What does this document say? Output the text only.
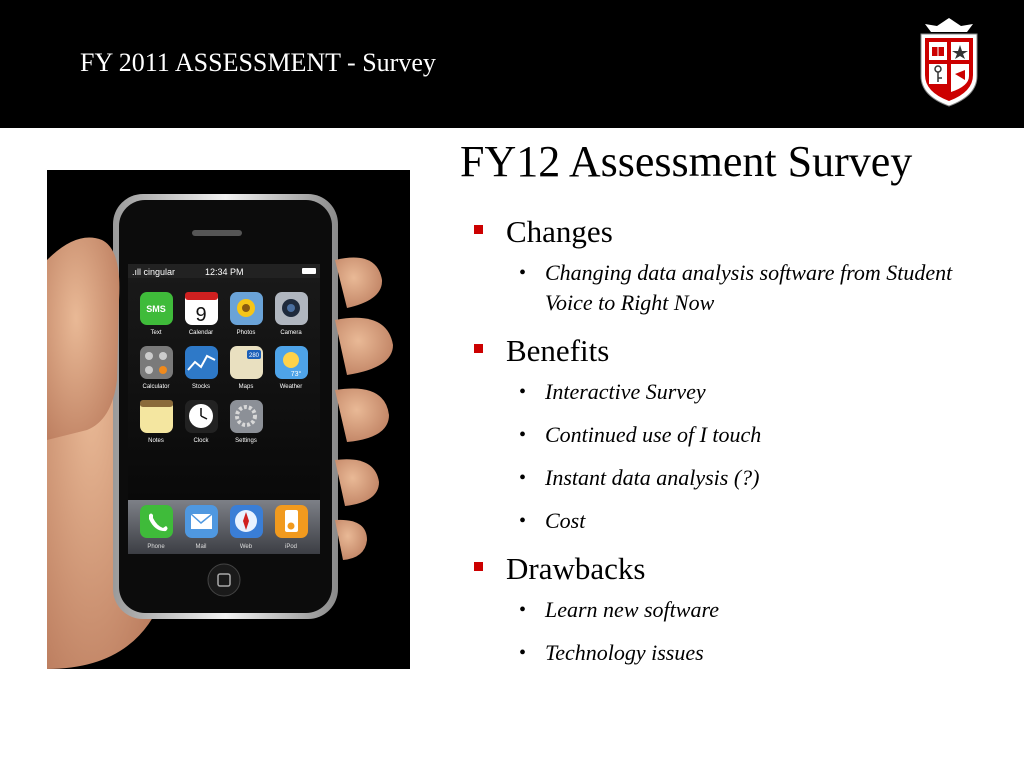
FY 2011 ASSESSMENT - Survey
.ıll cingular	12:34 PM
SMS 9
280
73°
Text	Calendar	Photos	Camera
Calculator	Stocks	Maps	Weather
Notes	Clock	Settings
Phone	Mail	Web	iPod
FY12 Assessment Survey
Changes
• Changing data analysis software from Student Voice to Right Now
Benefits
• Interactive Survey
• Continued use of I touch
• Instant data analysis (?)
• Cost
Drawbacks
• Learn new software
• Technology issues
